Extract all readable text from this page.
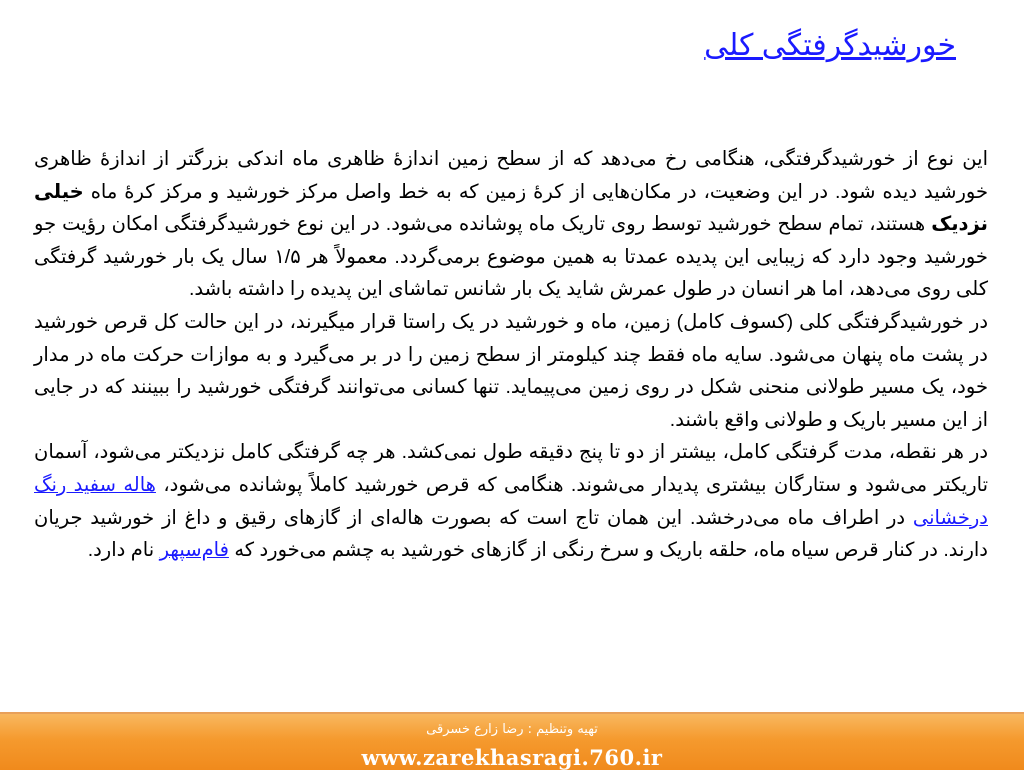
خورشیدگرفتگی کلی

این نوع از خورشیدگرفتگی، هنگامی رخ می‌دهد که از سطح زمین اندازهٔ ظاهری ماه اندکی بزرگتر از اندازهٔ ظاهری خورشید دیده شود. در این وضعیت، در مکان‌هایی از کرهٔ زمین که به خط واصل مرکز خورشید و مرکز کرهٔ ماه خیلی نزدیک هستند، تمام سطح خورشید توسط روی تاریک ماه پوشانده می‌شود. در این نوع خورشیدگرفتگی امکان رؤیت جو خورشید وجود دارد که زیبایی این پدیده عمدتا به همین موضوع برمی‌گردد. معمولاً هر ۱/۵ سال یک بار خورشید گرفتگی کلی روی می‌دهد، اما هر انسان در طول عمرش شاید یک بار شانس تماشای این پدیده را داشته باشد.

در خورشیدگرفتگی کلی (کسوف کامل) زمین، ماه و خورشید در یک راستا قرار میگیرند، در این حالت کل قرص خورشید در پشت ماه پنهان می‌شود. سایه ماه فقط چند کیلومتر از سطح زمین را در بر می‌گیرد و به موازات حرکت ماه در مدار خود، یک مسیر طولانی منحنی شکل در روی زمین می‌پیماید. تنها کسانی می‌توانند گرفتگی خورشید را ببینند که در جایی از این مسیر باریک و طولانی واقع باشند.

در هر نقطه، مدت گرفتگی کامل، بیشتر از دو تا پنج دقیقه طول نمی‌کشد. هر چه گرفتگی کامل نزدیکتر می‌شود، آسمان تاریکتر می‌شود و ستارگان بیشتری پدیدار می‌شوند. هنگامی که قرص خورشید کاملاً پوشانده می‌شود، هاله سفید رنگ درخشانی در اطراف ماه می‌درخشد. این همان تاج است که بصورت هاله‌ای از گازهای رقیق و داغ از خورشید جریان دارند. در کنار قرص سیاه ماه، حلقه باریک و سرخ رنگی از گازهای خورشید به چشم می‌خورد که فام‌سپهر نام دارد.

تهیه وتنظیم : رضا زارع خسرقی
www.zarekhasragi.760.ir
